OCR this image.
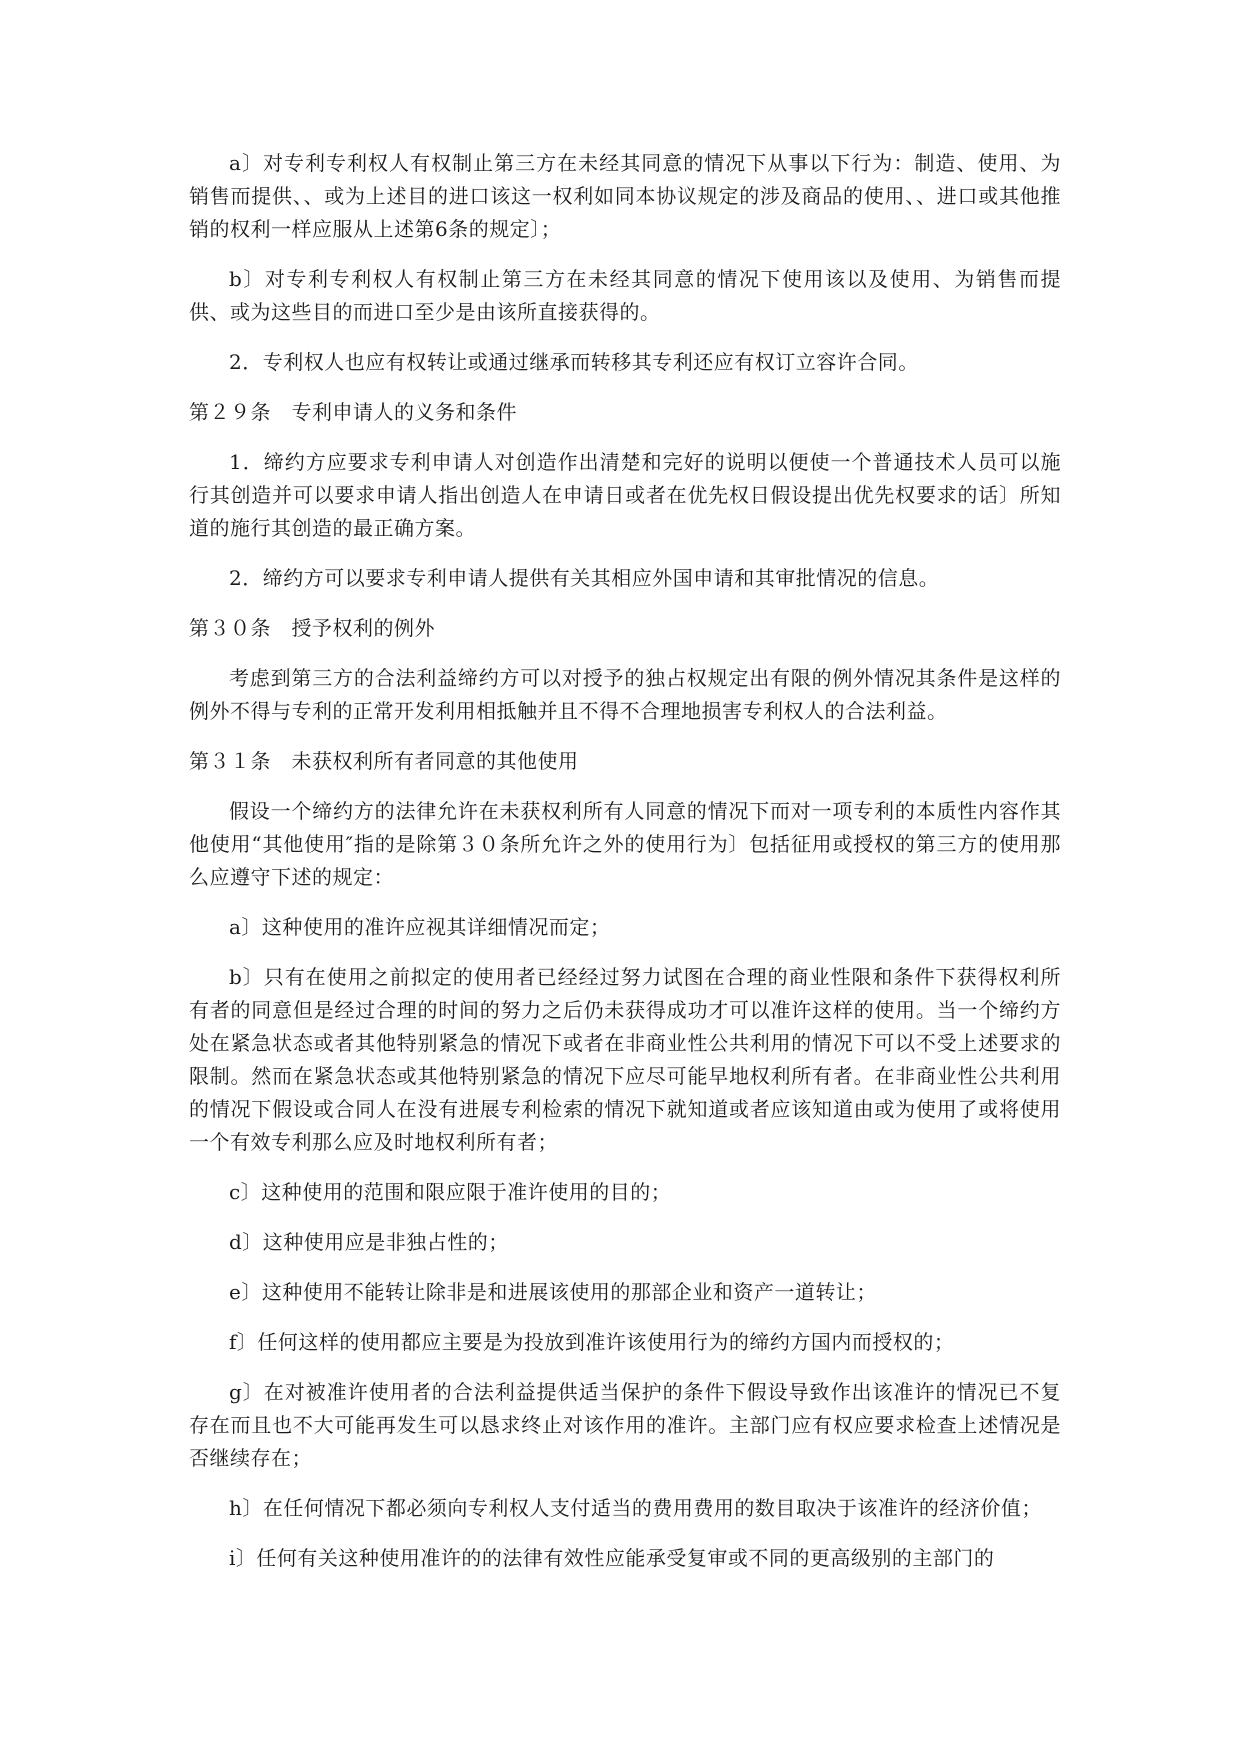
a〕对专利专利权人有权制止第三方在未经其同意的情况下从事以下行为：制造、使用、为销售而提供、、或为上述目的进口该这一权利如同本协议规定的涉及商品的使用、、进口或其他推销的权利一样应服从上述第6条的规定〕；

b〕对专利专利权人有权制止第三方在未经其同意的情况下使用该以及使用、为销售而提供、或为这些目的而进口至少是由该所直接获得的。

2．专利权人也应有权转让或通过继承而转移其专利还应有权订立容许合同。

第２９条　专利申请人的义务和条件

1．缔约方应要求专利申请人对创造作出清楚和完好的说明以便使一个普通技术人员可以施行其创造并可以要求申请人指出创造人在申请日或者在优先权日假设提出优先权要求的话〕所知道的施行其创造的最正确方案。

2．缔约方可以要求专利申请人提供有关其相应外国申请和其审批情况的信息。

第３０条　授予权利的例外

考虑到第三方的合法利益缔约方可以对授予的独占权规定出有限的例外情况其条件是这样的例外不得与专利的正常开发利用相抵触并且不得不合理地损害专利权人的合法利益。

第３１条　未获权利所有者同意的其他使用

假设一个缔约方的法律允许在未获权利所有人同意的情况下而对一项专利的本质性内容作其他使用“其他使用″指的是除第３０条所允许之外的使用行为〕包括征用或授权的第三方的使用那么应遵守下述的规定：

a〕这种使用的准许应视其详细情况而定；

b〕只有在使用之前拟定的使用者已经经过努力试图在合理的商业性限和条件下获得权利所有者的同意但是经过合理的时间的努力之后仍未获得成功才可以准许这样的使用。当一个缔约方处在紧急状态或者其他特别紧急的情况下或者在非商业性公共利用的情况下可以不受上述要求的限制。然而在紧急状态或其他特别紧急的情况下应尽可能早地权利所有者。在非商业性公共利用的情况下假设或合同人在没有进展专利检索的情况下就知道或者应该知道由或为使用了或将使用一个有效专利那么应及时地权利所有者；

c〕这种使用的范围和限应限于准许使用的目的；

d〕这种使用应是非独占性的；

e〕这种使用不能转让除非是和进展该使用的那部企业和资产一道转让；

f〕任何这样的使用都应主要是为投放到准许该使用行为的缔约方国内而授权的；

g〕在对被准许使用者的合法利益提供适当保护的条件下假设导致作出该准许的情况已不复存在而且也不大可能再发生可以恳求终止对该作用的准许。主部门应有权应要求检查上述情况是否继续存在；

h〕在任何情况下都必须向专利权人支付适当的费用费用的数目取决于该准许的经济价值；

i〕任何有关这种使用准许的的法律有效性应能承受复审或不同的更高级别的主部门的
